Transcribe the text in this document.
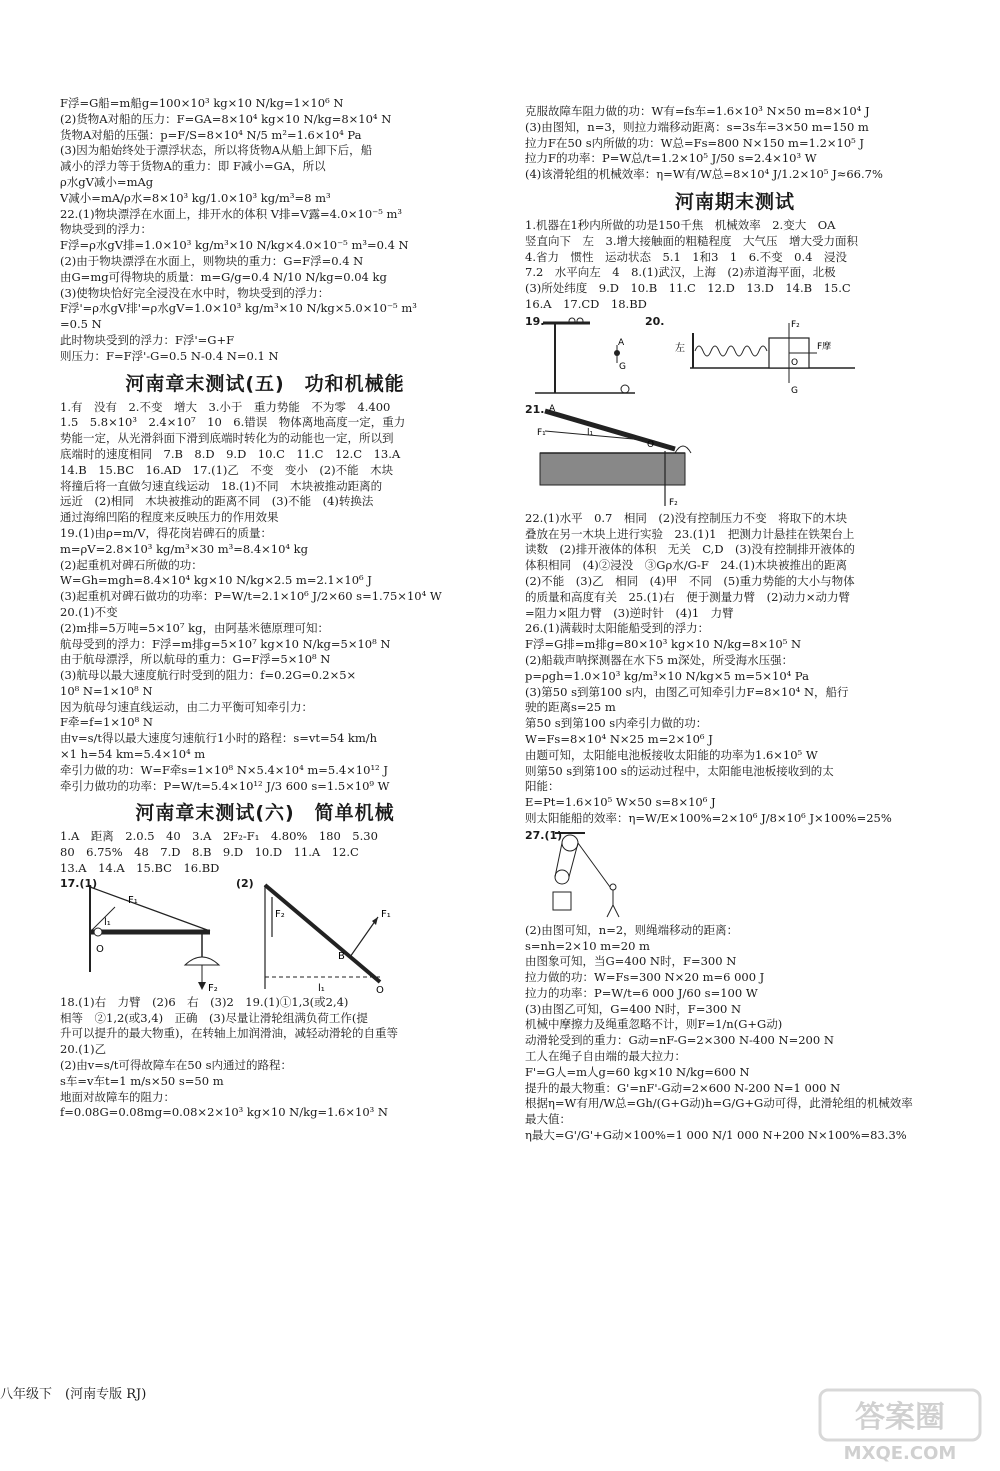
F浮=G船=m船g=100×10³ kg×10 N/kg=1×10⁶ N
(2)货物A对船的压力：F=GA=8×10⁴ kg×10 N/kg=8×10⁴ N
货物A对船的压强：p=F/S=8×10⁴ N/5 m²=1.6×10⁴ Pa
(3)因为船始终处于漂浮状态，所以将货物A从船上卸下后，船
减小的浮力等于货物A的重力：即 F减小=GA，所以
ρ水gV减小=mAg
V减小=mA/ρ水=8×10³ kg/1.0×10³ kg/m³=8 m³
22.(1)物块漂浮在水面上，排开水的体积 V排=V露=4.0×10⁻⁵ m³
物块受到的浮力：
F浮=ρ水gV排=1.0×10³ kg/m³×10 N/kg×4.0×10⁻⁵ m³=0.4 N
(2)由于物块漂浮在水面上，则物块的重力：G=F浮=0.4 N
由G=mg可得物块的质量：m=G/g=0.4 N/10 N/kg=0.04 kg
(3)使物块恰好完全浸没在水中时，物块受到的浮力：
F浮'=ρ水gV排'=ρ水gV=1.0×10³ kg/m³×10 N/kg×5.0×10⁻⁵ m³
=0.5 N
此时物块受到的浮力：F浮'=G+F
则压力：F=F浮'-G=0.5 N-0.4 N=0.1 N
河南章末测试(五)　功和机械能
1.有　没有　2.不变　增大　3.小于　重力势能　不为零　4.400
1.5　5.8×10³　2.4×10⁷　10　6.错误　物体离地高度一定，重力
势能一定，从光滑斜面下滑到底端时转化为的动能也一定，所以到
底端时的速度相同　7.B　8.D　9.D　10.C　11.C　12.C　13.A
14.B　15.BC　16.AD　17.(1)乙　不变　变小　(2)不能　木块
将撞后将一直做匀速直线运动　18.(1)不同　木块被推动距离的
远近　(2)相同　木块被推动的距离不同　(3)不能　(4)转换法
通过海绵凹陷的程度来反映压力的作用效果
19.(1)由ρ=m/V，得花岗岩碑石的质量：
m=ρV=2.8×10³ kg/m³×30 m³=8.4×10⁴ kg
(2)起重机对碑石所做的功：
W=Gh=mgh=8.4×10⁴ kg×10 N/kg×2.5 m=2.1×10⁶ J
(3)起重机对碑石做功的功率：P=W/t=2.1×10⁶ J/2×60 s=1.75×10⁴ W
20.(1)不变
(2)m排=5万吨=5×10⁷ kg，由阿基米德原理可知：
航母受到的浮力：F浮=m排g=5×10⁷ kg×10 N/kg=5×10⁸ N
由于航母漂浮，所以航母的重力：G=F浮=5×10⁸ N
(3)航母以最大速度航行时受到的阻力：f=0.2G=0.2×5×
10⁸ N=1×10⁸ N
因为航母匀速直线运动，由二力平衡可知牵引力：
F牵=f=1×10⁸ N
由v=s/t得以最大速度匀速航行1小时的路程：s=vt=54 km/h
×1 h=54 km=5.4×10⁴ m
牵引力做的功：W=F牵s=1×10⁸ N×5.4×10⁴ m=5.4×10¹² J
牵引力做功的功率：P=W/t=5.4×10¹² J/3 600 s=1.5×10⁹ W
河南章末测试(六)　简单机械
1.A　距离　2.0.5　40　3.A　2F₂-F₁　4.80%　180　5.30
80　6.75%　48　7.D　8.B　9.D　10.D　11.A　12.C
13.A　14.A　15.BC　16.BD
17.(1)	(2)
F₁
l₁
O
F₂
F₂	F₁
B
l₁	O
18.(1)右　力臂　(2)6　右　(3)2　19.(1)①1,3(或2,4)
相等　②1,2(或3,4)　正确　(3)尽量让滑轮组满负荷工作(提
升可以提升的最大物重)，在转轴上加润滑油，减轻动滑轮的自重等
20.(1)乙
(2)由v=s/t可得故障车在50 s内通过的路程：
s车=v车t=1 m/s×50 s=50 m
地面对故障车的阻力：
f=0.08G=0.08mg=0.08×2×10³ kg×10 N/kg=1.6×10³ N
克服故障车阻力做的功：W有=fs车=1.6×10³ N×50 m=8×10⁴ J
(3)由图知，n=3，则拉力端移动距离：s=3s车=3×50 m=150 m
拉力F在50 s内所做的功：W总=Fs=800 N×150 m=1.2×10⁵ J
拉力F的功率：P=W总/t=1.2×10⁵ J/50 s=2.4×10³ W
(4)该滑轮组的机械效率：η=W有/W总=8×10⁴ J/1.2×10⁵ J≈66.7%
河南期末测试
1.机器在1秒内所做的功是150千焦　机械效率　2.变大　OA
竖直向下　左　3.增大接触面的粗糙程度　大气压　增大受力面积
4.省力　惯性　运动状态　5.1　1和3　1　6.不变　0.4　浸没
7.2　水平向左　4　8.(1)武汉，上海　(2)赤道海平面，北极
(3)所处纬度　9.D　10.B　11.C　12.D　13.D　14.B　15.C
16.A　17.CD　18.BD
19.	20.
A
G
左
F₂
F摩
O
G
21. A
F₁	l₁
O
F₂
22.(1)水平　0.7　相同　(2)没有控制压力不变　将取下的木块
叠放在另一木块上进行实验　23.(1)1　把测力计悬挂在铁架台上
读数　(2)排开液体的体积　无关　C,D　(3)没有控制排开液体的
体积相同　(4)②浸没　③Gρ水/G-F　24.(1)木块被推出的距离
(2)不能　(3)乙　相同　(4)甲　不同　(5)重力势能的大小与物体
的质量和高度有关　25.(1)右　便于测量力臂　(2)动力×动力臂
=阻力×阻力臂　(3)逆时针　(4)1　力臂
26.(1)满载时太阳能船受到的浮力：
F浮=G排=m排g=80×10³ kg×10 N/kg=8×10⁵ N
(2)船载声呐探测器在水下5 m深处，所受海水压强：
p=ρgh=1.0×10³ kg/m³×10 N/kg×5 m=5×10⁴ Pa
(3)第50 s到第100 s内，由图乙可知牵引力F=8×10⁴ N，船行
驶的距离s=25 m
第50 s到第100 s内牵引力做的功：
W=Fs=8×10⁴ N×25 m=2×10⁶ J
由题可知，太阳能电池板接收太阳能的功率为1.6×10⁵ W
则第50 s到第100 s的运动过程中，太阳能电池板接收到的太
阳能：
E=Pt=1.6×10⁵ W×50 s=8×10⁶ J
则太阳能船的效率：η=W/E×100%=2×10⁶ J/8×10⁶ J×100%=25%
27.(1)
(2)由图可知，n=2，则绳端移动的距离：
s=nh=2×10 m=20 m
由图象可知，当G=400 N时，F=300 N
拉力做的功：W=Fs=300 N×20 m=6 000 J
拉力的功率：P=W/t=6 000 J/60 s=100 W
(3)由图乙可知，G=400 N时，F=300 N
机械中摩擦力及绳重忽略不计，则F=1/n(G+G动)
动滑轮受到的重力：G动=nF-G=2×300 N-400 N=200 N
工人在绳子自由端的最大拉力：
F'=G人=m人g=60 kg×10 N/kg=600 N
提升的最大物重：G'=nF'-G动=2×600 N-200 N=1 000 N
根据η=W有用/W总=Gh/(G+G动)h=G/G+G动可得，此滑轮组的机械效率
最大值：
η最大=G'/G'+G动×100%=1 000 N/1 000 N+200 N×100%=83.3%
八年级下　(河南专版 RJ)
答案圈
MXQE.COM
